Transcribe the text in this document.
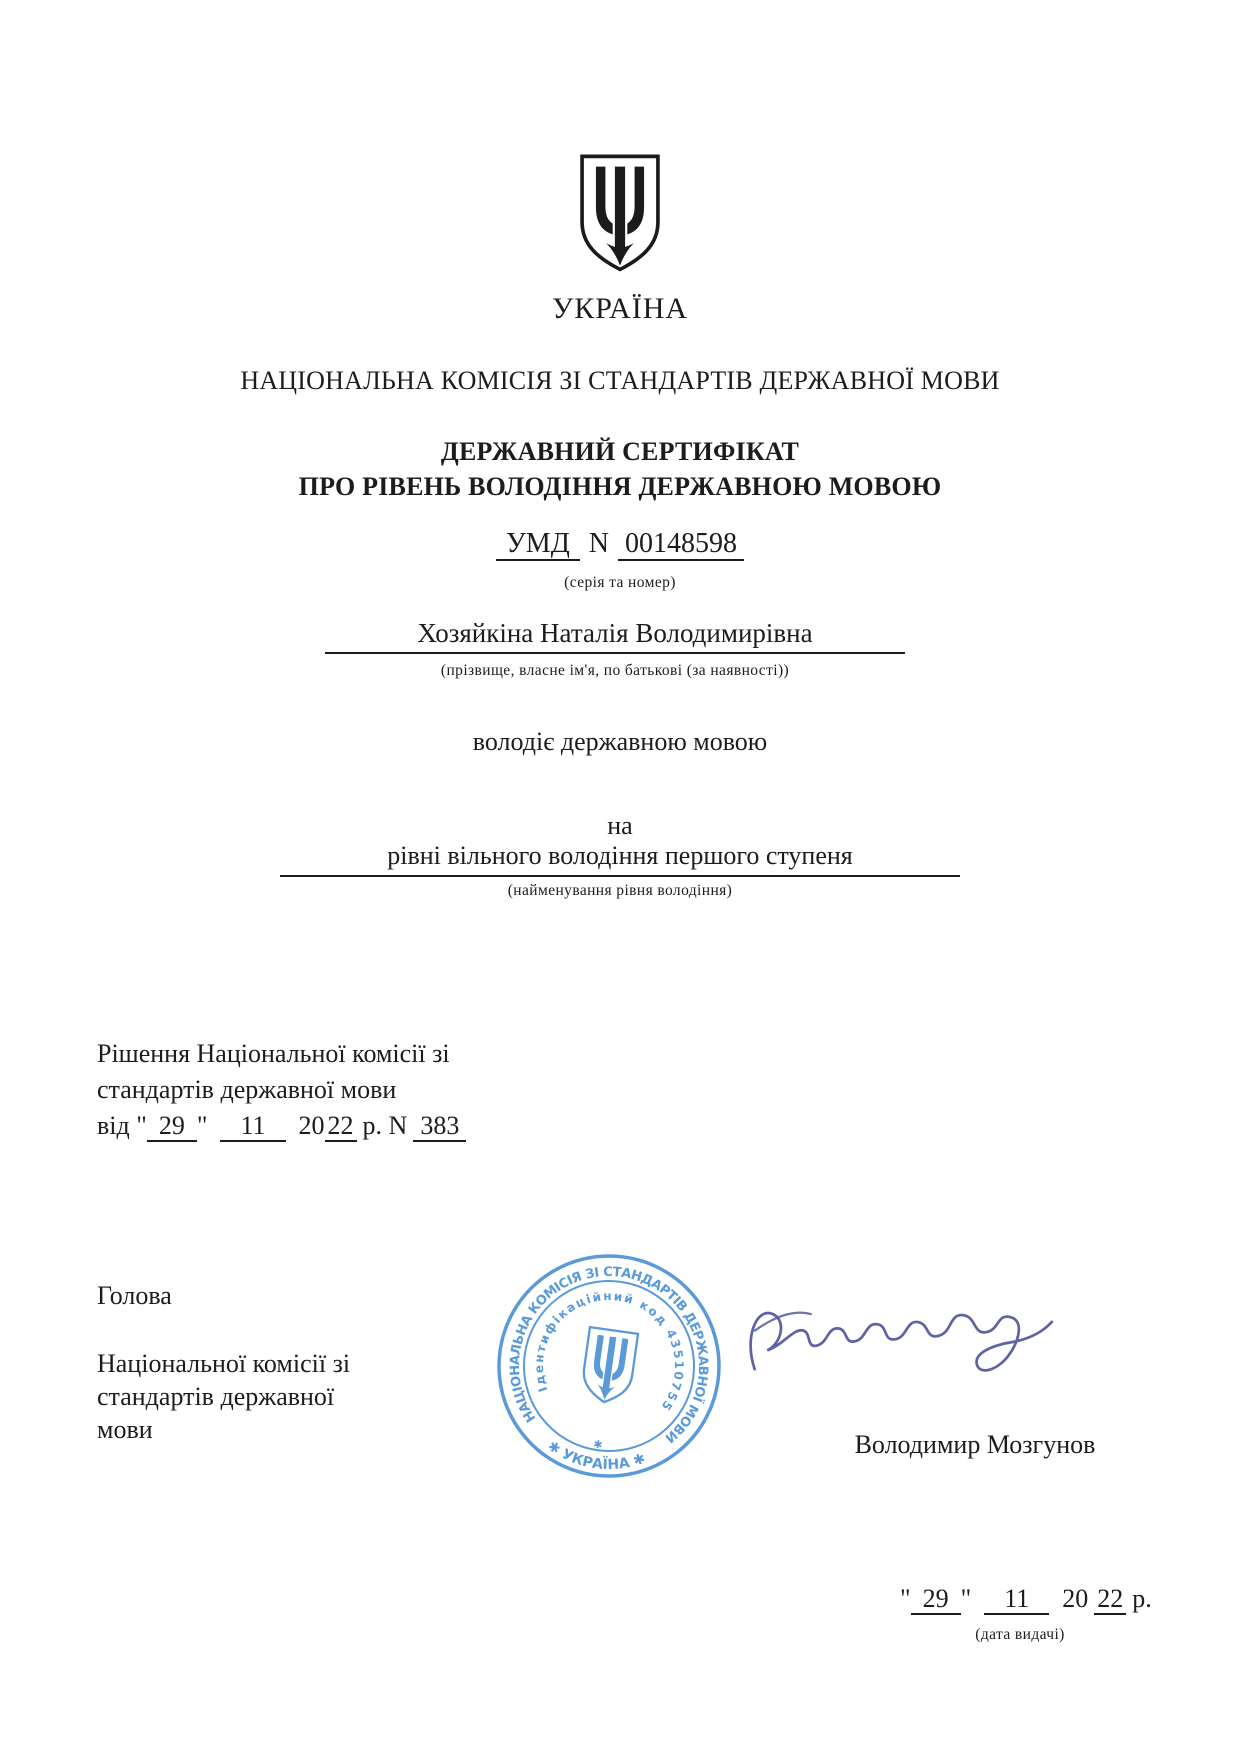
УКРАЇНА
НАЦІОНАЛЬНА КОМІСІЯ ЗІ СТАНДАРТІВ ДЕРЖАВНОЇ МОВИ
ДЕРЖАВНИЙ СЕРТИФІКАТ
ПРО РІВЕНЬ ВОЛОДІННЯ ДЕРЖАВНОЮ МОВОЮ
УМД N 00148598
(серія та номер)
Хозяйкіна Наталія Володимирівна
(прізвище, власне ім'я, по батькові (за наявності))
володіє державною мовою
на
рівні вільного володіння першого ступеня
(найменування рівня володіння)
Рішення Національної комісії зі
стандартів державної мови
від " 29 " 11 20 22 р. N 383
Голова
Національної комісії зі
стандартів державної
мови	НАЦІОНАЛЬНА КОМІСІЯ ЗІ СТАНДАРТІВ ДЕРЖАВНОЇ МОВИ
✱ УКРАЇНА ✱
Ідентифікаційний код 43510755
✱	Володимир Мозгунов
" 29 " 11 20 22 р.
(дата видачі)
